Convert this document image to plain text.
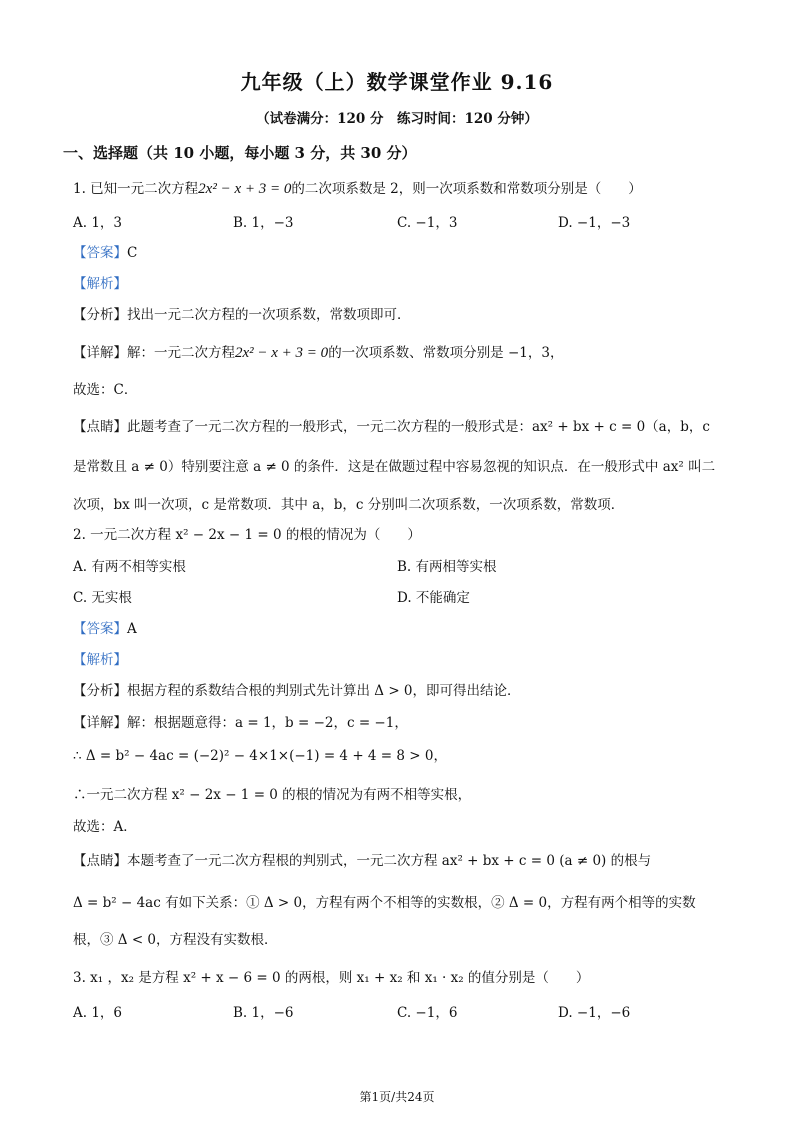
九年级（上）数学课堂作业 9.16
（试卷满分：120 分　练习时间：120 分钟）
一、选择题（共 10 小题，每小题 3 分，共 30 分）
1. 已知一元二次方程2x² − x + 3 = 0的二次项系数是 2，则一次项系数和常数项分别是（　　）
A. 1，3	B. 1，−3	C. −1，3	D. −1，−3
【答案】C
【解析】
【分析】找出一元二次方程的一次项系数，常数项即可．
【详解】解：一元二次方程2x² − x + 3 = 0的一次项系数、常数项分别是 −1，3，
故选：C．
【点睛】此题考查了一元二次方程的一般形式，一元二次方程的一般形式是：ax² + bx + c = 0（a，b，c
是常数且 a ≠ 0）特别要注意 a ≠ 0 的条件．这是在做题过程中容易忽视的知识点．在一般形式中 ax² 叫二
次项，bx 叫一次项，c 是常数项．其中 a，b，c 分别叫二次项系数，一次项系数，常数项．
2. 一元二次方程 x² − 2x − 1 = 0 的根的情况为（　　）
A. 有两不相等实根	B. 有两相等实根
C. 无实根	D. 不能确定
【答案】A
【解析】
【分析】根据方程的系数结合根的判别式先计算出 Δ > 0，即可得出结论．
【详解】解：根据题意得：a = 1，b = −2，c = −1，
∴ Δ = b² − 4ac = (−2)² − 4×1×(−1) = 4 + 4 = 8 > 0，
∴一元二次方程 x² − 2x − 1 = 0 的根的情况为有两不相等实根，
故选：A．
【点睛】本题考查了一元二次方程根的判别式，一元二次方程 ax² + bx + c = 0 (a ≠ 0) 的根与
Δ = b² − 4ac 有如下关系：① Δ > 0，方程有两个不相等的实数根，② Δ = 0，方程有两个相等的实数
根，③ Δ < 0，方程没有实数根．
3. x₁ ，x₂ 是方程 x² + x − 6 = 0 的两根，则 x₁ + x₂ 和 x₁ · x₂ 的值分别是（　　）
A. 1，6	B. 1，−6	C. −1，6	D. −1，−6
第1页/共24页
